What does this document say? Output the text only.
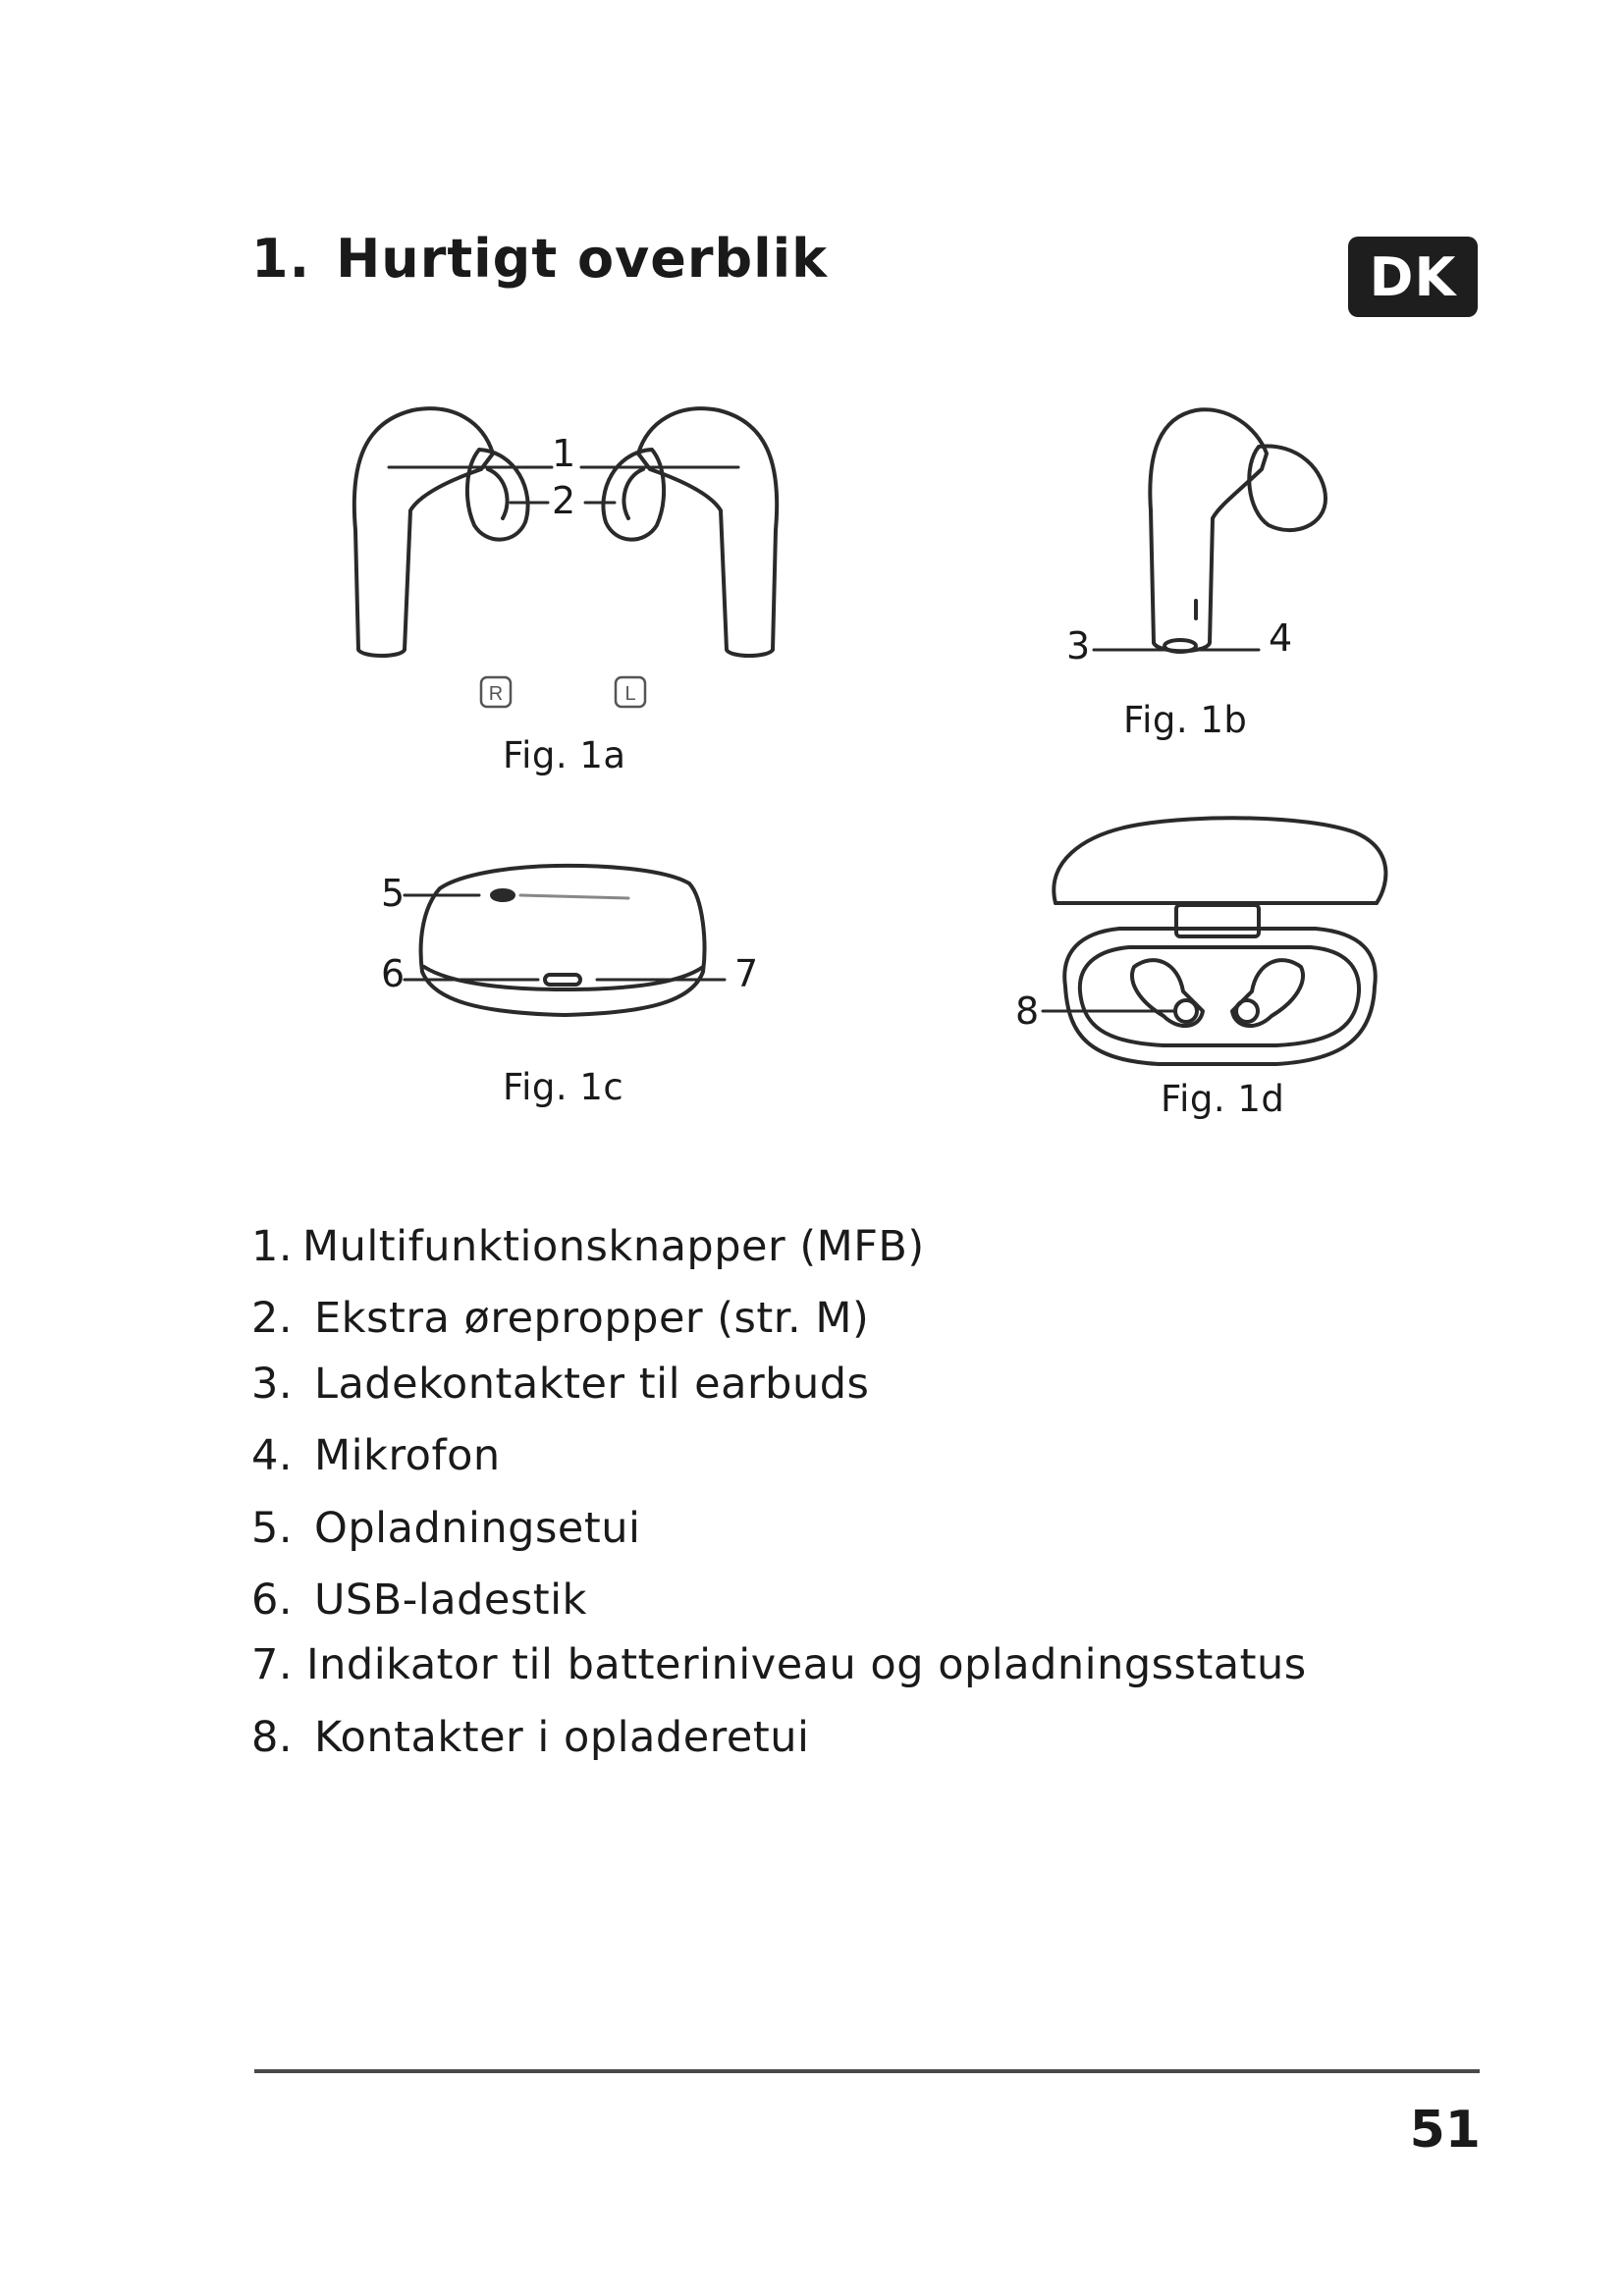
1. Hurtigt overblik	DK
R	L
1
2
3	4
5
6	7
8
Fig. 1a
Fig. 1b
Fig. 1c	Fig. 1d
1. Multifunktionsknapper (MFB)
2. Ekstra ørepropper (str. M)
3. Ladekontakter til earbuds
4. Mikrofon
5. Opladningsetui
6. USB-ladestik
7. Indikator til batteriniveau og opladningsstatus
8. Kontakter i opladeretui
51
